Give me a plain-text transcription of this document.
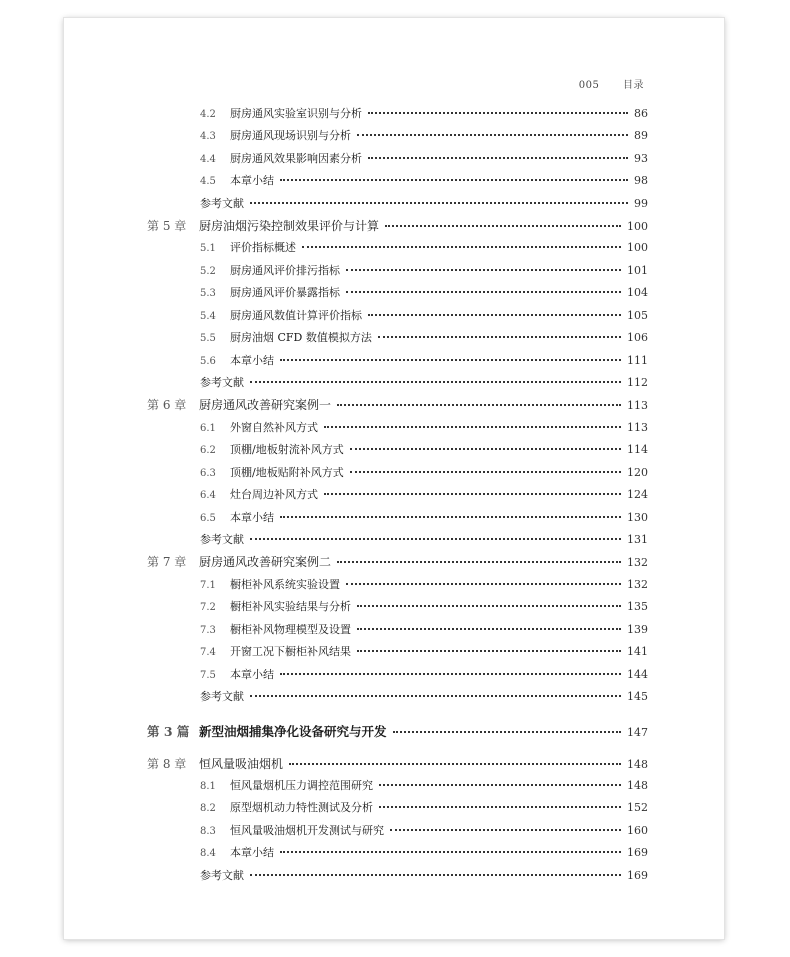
005 目录
4.2	厨房通风实验室识别与分析	86
4.3	厨房通风现场识别与分析	89
4.4	厨房通风效果影响因素分析	93
4.5	本章小结	98
参考文献	99
第 5 章	厨房油烟污染控制效果评价与计算	100
5.1	评价指标概述	100
5.2	厨房通风评价排污指标	101
5.3	厨房通风评价暴露指标	104
5.4	厨房通风数值计算评价指标	105
5.5	厨房油烟 CFD 数值模拟方法	106
5.6	本章小结	111
参考文献	112
第 6 章	厨房通风改善研究案例一	113
6.1	外窗自然补风方式	113
6.2	顶棚/地板射流补风方式	114
6.3	顶棚/地板贴附补风方式	120
6.4	灶台周边补风方式	124
6.5	本章小结	130
参考文献	131
第 7 章	厨房通风改善研究案例二	132
7.1	橱柜补风系统实验设置	132
7.2	橱柜补风实验结果与分析	135
7.3	橱柜补风物理模型及设置	139
7.4	开窗工况下橱柜补风结果	141
7.5	本章小结	144
参考文献	145
第 3 篇 新型油烟捕集净化设备研究与开发	147
第 8 章	恒风量吸油烟机	148
8.1	恒风量烟机压力调控范围研究	148
8.2	原型烟机动力特性测试及分析	152
8.3	恒风量吸油烟机开发测试与研究	160
8.4	本章小结	169
参考文献	169
